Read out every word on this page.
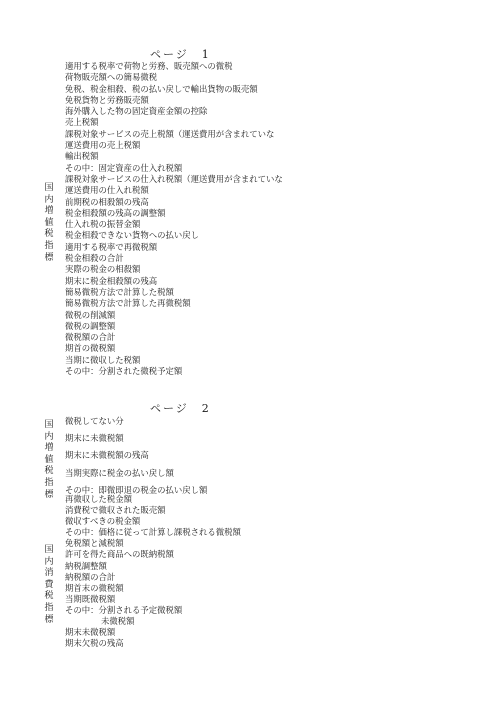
ページ　1
国内増値税指標
適用する税率で荷物と労務、販売額への微税
荷物販売額への簡易微税
免税、税金相殺、税の払い戻しで輸出貨物の販売額
免税貨物と労務販売額
海外購入した物の固定資産金額の控除
売上税額
課税対象サービスの売上税額（運送費用が含まれていな
運送費用の売上税額
輸出税額
その中：固定資産の仕入れ税額
課税対象サービスの仕入れ税額（運送費用が含まれていな
運送費用の仕入れ税額
前期税の相殺額の残高
税金相殺額の残高の調整額
仕入れ税の振替金額
税金相殺できない貨物への払い戻し
適用する税率で再微税額
税金相殺の合計
実際の税金の相殺額
期末に税金相殺額の残高
簡易微税方法で計算した税額
簡易微税方法で計算した再微税額
微税の削減額
微税の調整額
微税額の合計
期首の微税額
当期に微収した税額
その中：分割された微税予定額
ページ　2
国内増値税指標
微税してない分
期末に未微税額
期末に未微税額の残高
当期実際に税金の払い戻し額
その中：即微即退の税金の払い戻し額
国内消費税指標
再微収した税金額
消費税で微収された販売額
微収すべきの税金額
その中：価格に従って計算し課税される微税額
免税額と減税額
許可を得た商品への既納税額
納税調整額
納税額の合計
期首末の微税額
当期既微税額
その中：分割される予定微税額
未微税額
期末未微税額
期末欠税の残高
